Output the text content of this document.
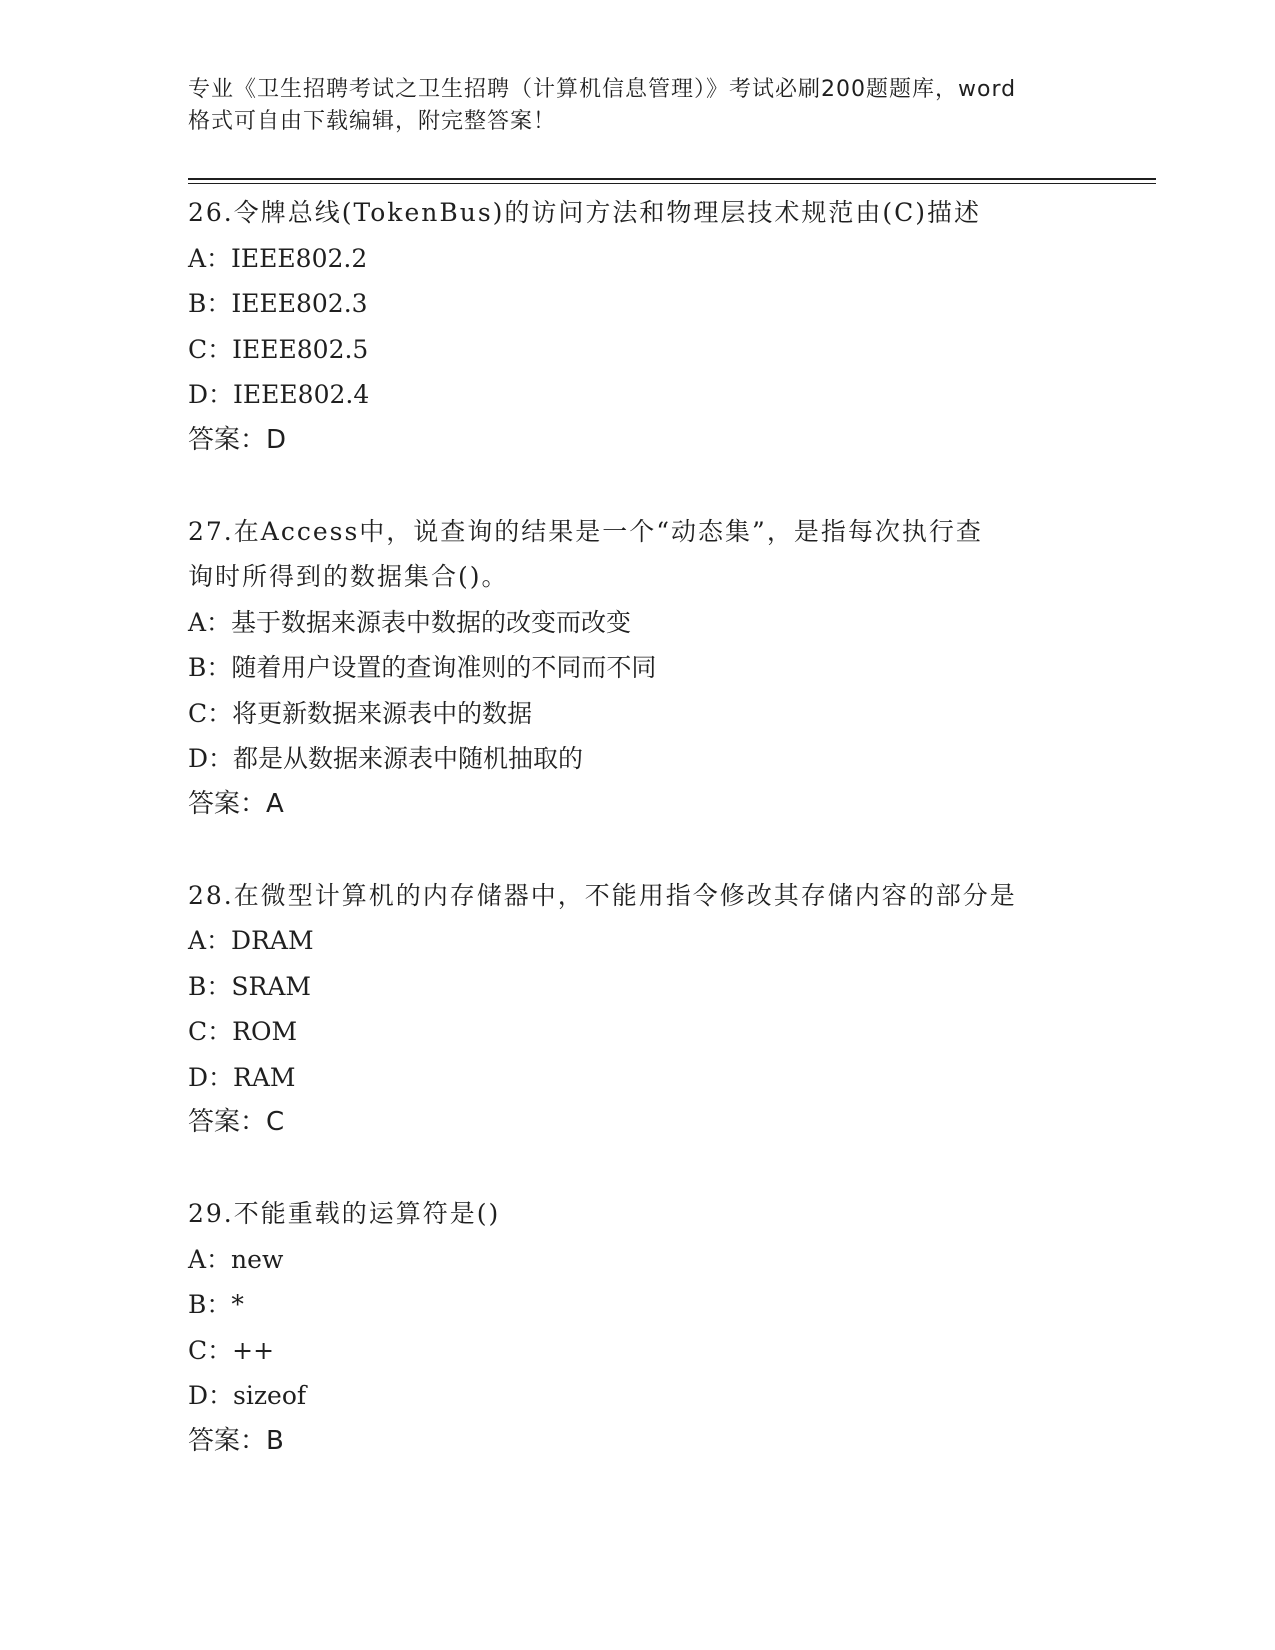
专业《卫生招聘考试之卫生招聘（计算机信息管理）》考试必刷200题题库，word
格式可自由下载编辑，附完整答案！
26.令牌总线(TokenBus)的访问方法和物理层技术规范由(C)描述
A：IEEE802.2
B：IEEE802.3
C：IEEE802.5
D：IEEE802.4
答案：D
27.在Access中，说查询的结果是一个“动态集”，是指每次执行查
询时所得到的数据集合()。
A：基于数据来源表中数据的改变而改变
B：随着用户设置的查询准则的不同而不同
C：将更新数据来源表中的数据
D：都是从数据来源表中随机抽取的
答案：A
28.在微型计算机的内存储器中，不能用指令修改其存储内容的部分是
A：DRAM
B：SRAM
C：ROM
D：RAM
答案：C
29.不能重载的运算符是()
A：new
B：*
C：++
D：sizeof
答案：B
